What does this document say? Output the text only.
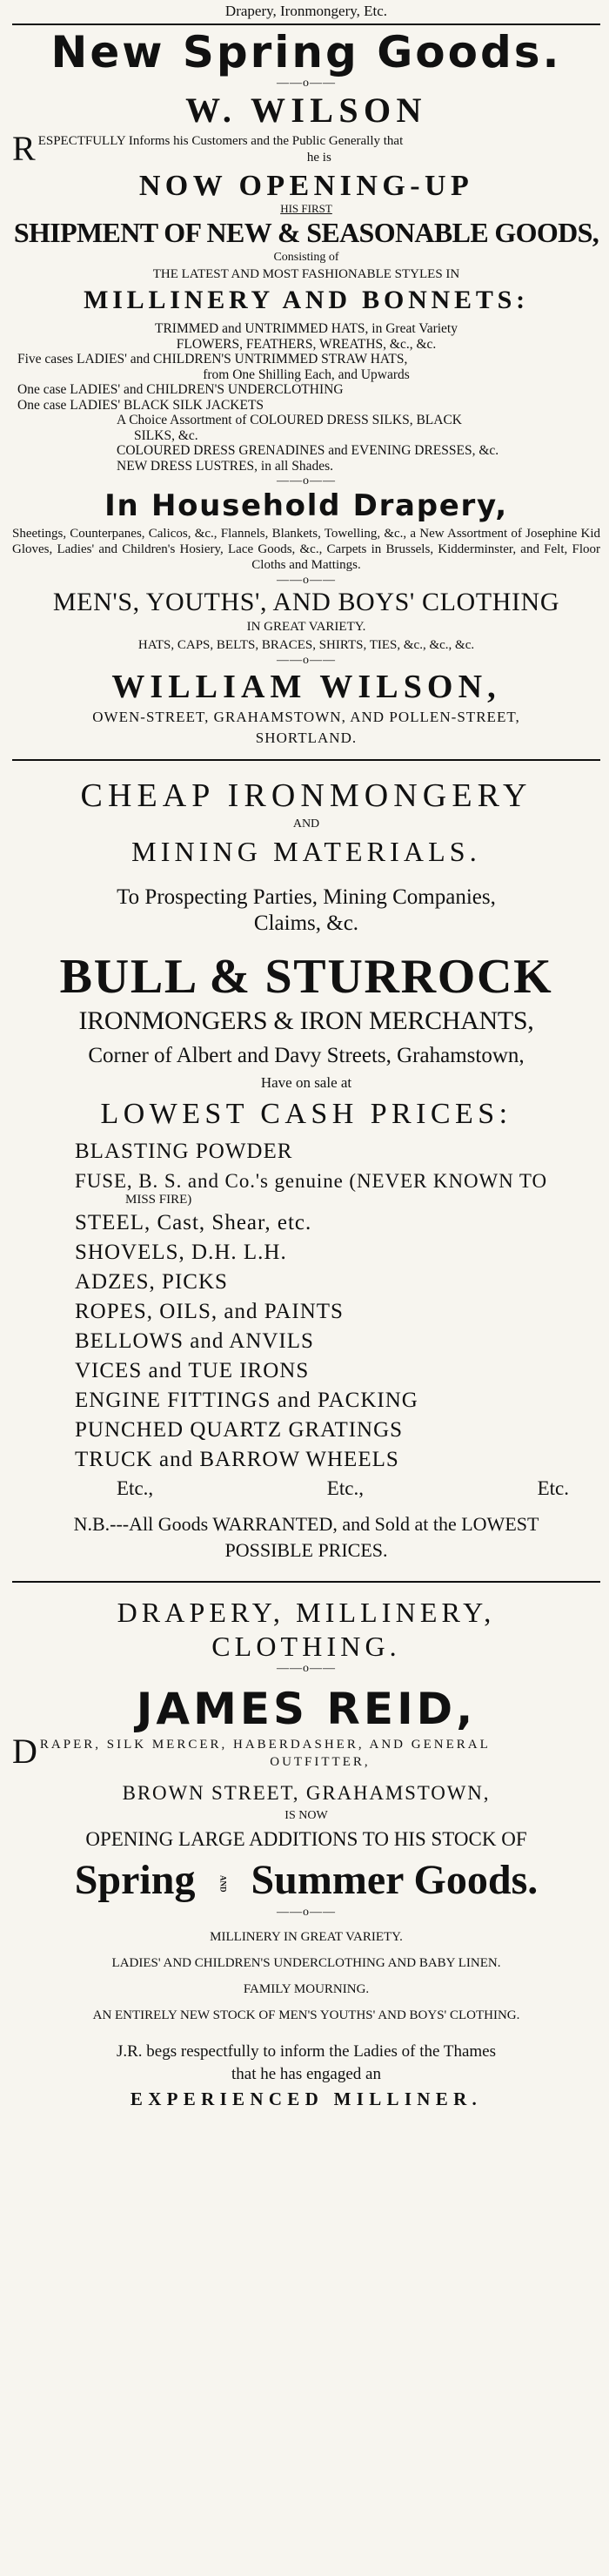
Drapery, Ironmongery, Etc.
New Spring Goods.
——o——
W. WILSON
R ESPECTFULLY Informs his Customers and the Public Generally that
he is
NOW OPENING-UP
HIS FIRST
SHIPMENT OF NEW & SEASONABLE GOODS,
Consisting of
THE LATEST AND MOST FASHIONABLE STYLES IN
MILLINERY AND BONNETS:
TRIMMED and UNTRIMMED HATS, in Great Variety
FLOWERS, FEATHERS, WREATHS, &c., &c.
Five cases LADIES' and CHILDREN'S UNTRIMMED STRAW HATS,
from One Shilling Each, and Upwards
One case LADIES' and CHILDREN'S UNDERCLOTHING
One case LADIES' BLACK SILK JACKETS
A Choice Assortment of COLOURED DRESS SILKS, BLACK
SILKS, &c.
COLOURED DRESS GRENADINES and EVENING DRESSES, &c.
NEW DRESS LUSTRES, in all Shades.
——o——
In Household Drapery,
Sheetings, Counterpanes, Calicos, &c., Flannels, Blankets, Towelling, &c., a New Assortment of Josephine Kid Gloves, Ladies' and Children's Hosiery, Lace Goods, &c., Carpets in Brussels, Kidderminster, and Felt, Floor Cloths and Mattings.
——o——
MEN'S, YOUTHS', AND BOYS' CLOTHING
IN GREAT VARIETY.
HATS, CAPS, BELTS, BRACES, SHIRTS, TIES, &c., &c., &c.
——o——
WILLIAM WILSON,
OWEN-STREET, GRAHAMSTOWN, AND POLLEN-STREET,
SHORTLAND.
CHEAP IRONMONGERY
AND
MINING MATERIALS.
To Prospecting Parties, Mining Companies,
Claims, &c.
BULL & STURROCK
IRONMONGERS & IRON MERCHANTS,
Corner of Albert and Davy Streets, Grahamstown,
Have on sale at
LOWEST CASH PRICES:
BLASTING POWDER
FUSE, B. S. and Co.'s genuine (NEVER KNOWN TO
MISS FIRE)
STEEL, Cast, Shear, etc.
SHOVELS, D.H. L.H.
ADZES, PICKS
ROPES, OILS, and PAINTS
BELLOWS and ANVILS
VICES and TUE IRONS
ENGINE FITTINGS and PACKING
PUNCHED QUARTZ GRATINGS
TRUCK and BARROW WHEELS
Etc.,	Etc.,	Etc.
N.B.---All Goods WARRANTED, and Sold at the LOWEST
POSSIBLE PRICES.
DRAPERY, MILLINERY,
CLOTHING.
——o——
JAMES REID,
D RAPER, SILK MERCER, HABERDASHER, AND GENERAL
OUTFITTER,
BROWN STREET, GRAHAMSTOWN,
IS NOW
OPENING LARGE ADDITIONS TO HIS STOCK OF
Spring	AND Summer Goods.
——o——
MILLINERY IN GREAT VARIETY.
LADIES' AND CHILDREN'S UNDERCLOTHING AND BABY LINEN.
FAMILY MOURNING.
AN ENTIRELY NEW STOCK OF MEN'S YOUTHS' AND BOYS' CLOTHING.
J.R. begs respectfully to inform the Ladies of the Thames
that he has engaged an
EXPERIENCED MILLINER.
